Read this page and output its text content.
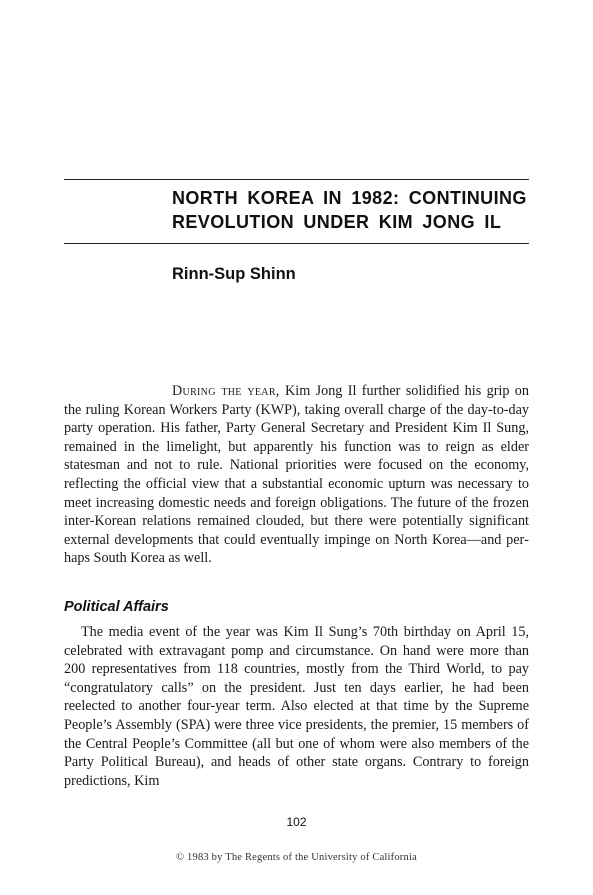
NORTH KOREA IN 1982: CONTINUING
REVOLUTION UNDER KIM JONG IL
Rinn-Sup Shinn

During the year, Kim Jong Il further solidified his grip on the ruling Korean Workers Party (KWP), taking overall charge of the day-to-day party operation. His father, Party General Secretary and President Kim Il Sung, remained in the limelight, but apparently his function was to reign as elder statesman and not to rule. National priorities were focused on the economy, reflecting the official view that a substantial economic upturn was necessary to meet increasing domestic needs and foreign obligations. The future of the frozen inter-Korean relations remained clouded, but there were potentially significant external developments that could eventually impinge on North Korea—and perhaps South Korea as well.

Political Affairs

The media event of the year was Kim Il Sung’s 70th birthday on April 15, celebrated with extravagant pomp and circumstance. On hand were more than 200 representatives from 118 countries, mostly from the Third World, to pay “congratulatory calls” on the president. Just ten days earlier, he had been reelected to another four-year term. Also elected at that time by the Supreme People’s Assembly (SPA) were three vice presidents, the premier, 15 members of the Central People’s Committee (all but one of whom were also members of the Party Political Bureau), and heads of other state organs. Contrary to foreign predictions, Kim

102
© 1983 by The Regents of the University of California
